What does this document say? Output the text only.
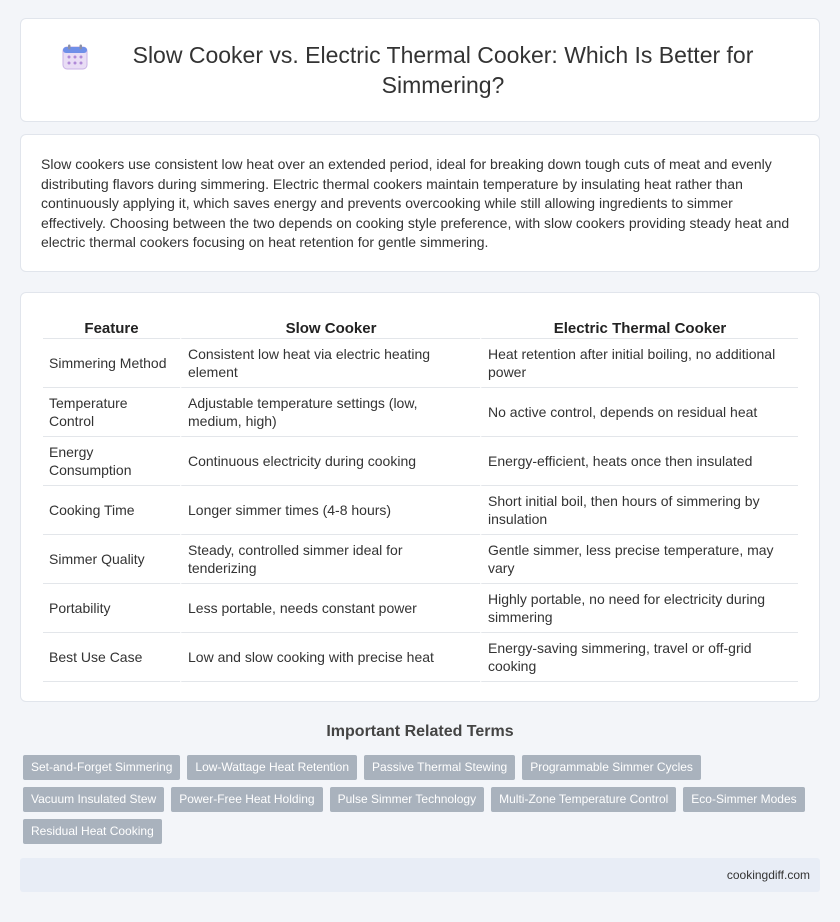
Slow Cooker vs. Electric Thermal Cooker: Which Is Better for Simmering?

Slow cookers use consistent low heat over an extended period, ideal for breaking down tough cuts of meat and evenly distributing flavors during simmering. Electric thermal cookers maintain temperature by insulating heat rather than continuously applying it, which saves energy and prevents overcooking while still allowing ingredients to simmer effectively. Choosing between the two depends on cooking style preference, with slow cookers providing steady heat and electric thermal cookers focusing on heat retention for gentle simmering.

Feature	Slow Cooker	Electric Thermal Cooker
Simmering Method	Consistent low heat via electric heating element	Heat retention after initial boiling, no additional power
Temperature Control	Adjustable temperature settings (low, medium, high)	No active control, depends on residual heat
Energy Consumption	Continuous electricity during cooking	Energy-efficient, heats once then insulated
Cooking Time	Longer simmer times (4-8 hours)	Short initial boil, then hours of simmering by insulation
Simmer Quality	Steady, controlled simmer ideal for tenderizing	Gentle simmer, less precise temperature, may vary
Portability	Less portable, needs constant power	Highly portable, no need for electricity during simmering
Best Use Case	Low and slow cooking with precise heat	Energy-saving simmering, travel or off-grid cooking
Important Related Terms
Set-and-Forget Simmering	Low-Wattage Heat Retention	Passive Thermal Stewing	Programmable Simmer Cycles
Vacuum Insulated Stew	Power-Free Heat Holding	Pulse Simmer Technology	Multi-Zone Temperature Control	Eco-Simmer Modes
Residual Heat Cooking
cookingdiff.com
